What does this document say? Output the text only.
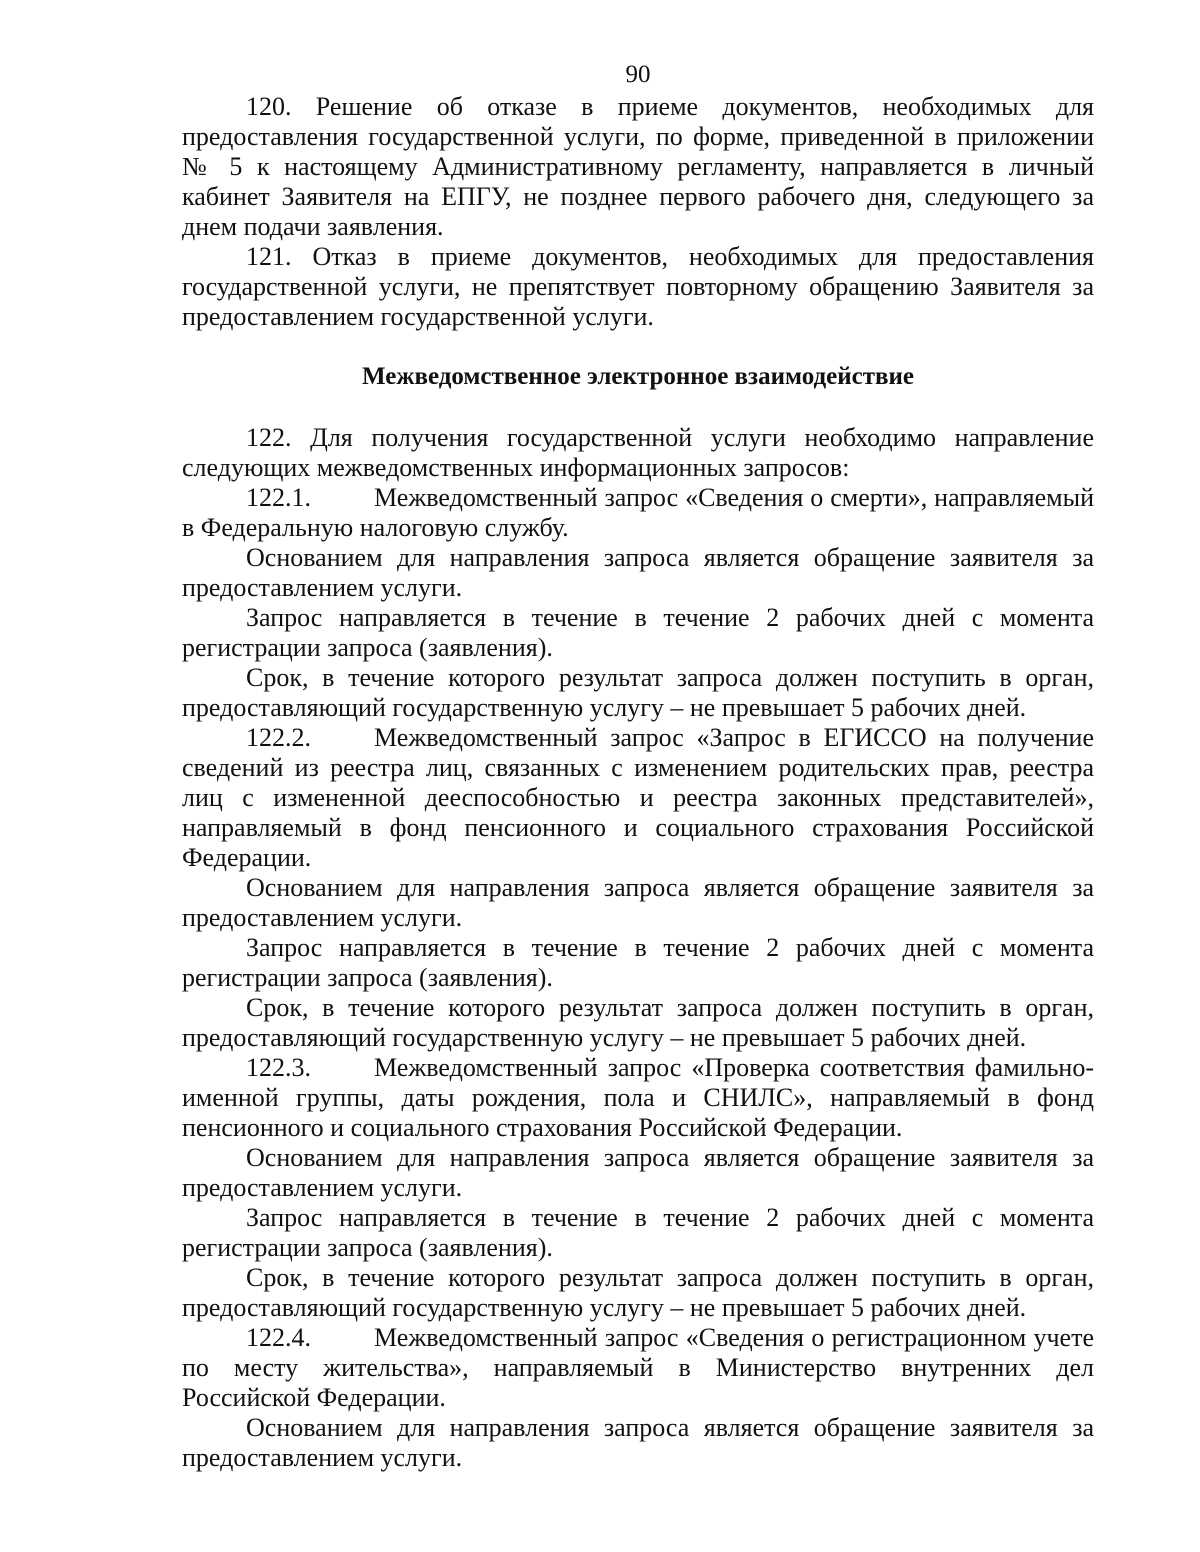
90

120. Решение об отказе в приеме документов, необходимых для предоставления государственной услуги, по форме, приведенной в приложении № 5 к настоящему Административному регламенту, направляется в личный кабинет Заявителя на ЕПГУ, не позднее первого рабочего дня, следующего за днем подачи заявления.

121. Отказ в приеме документов, необходимых для предоставления государственной услуги, не препятствует повторному обращению Заявителя за предоставлением государственной услуги.

Межведомственное электронное взаимодействие

122. Для получения государственной услуги необходимо направление следующих межведомственных информационных запросов:

122.1. Межведомственный запрос «Сведения о смерти», направляемый в Федеральную налоговую службу.

Основанием для направления запроса является обращение заявителя за предоставлением услуги.

Запрос направляется в течение в течение 2 рабочих дней с момента регистрации запроса (заявления).

Срок, в течение которого результат запроса должен поступить в орган, предоставляющий государственную услугу – не превышает 5 рабочих дней.

122.2. Межведомственный запрос «Запрос в ЕГИССО на получение сведений из реестра лиц, связанных с изменением родительских прав, реестра лиц с измененной дееспособностью и реестра законных представителей», направляемый в фонд пенсионного и социального страхования Российской Федерации.

Основанием для направления запроса является обращение заявителя за предоставлением услуги.

Запрос направляется в течение в течение 2 рабочих дней с момента регистрации запроса (заявления).

Срок, в течение которого результат запроса должен поступить в орган, предоставляющий государственную услугу – не превышает 5 рабочих дней.

122.3. Межведомственный запрос «Проверка соответствия фамильно-именной группы, даты рождения, пола и СНИЛС», направляемый в фонд пенсионного и социального страхования Российской Федерации.

Основанием для направления запроса является обращение заявителя за предоставлением услуги.

Запрос направляется в течение в течение 2 рабочих дней с момента регистрации запроса (заявления).

Срок, в течение которого результат запроса должен поступить в орган, предоставляющий государственную услугу – не превышает 5 рабочих дней.

122.4. Межведомственный запрос «Сведения о регистрационном учете по месту жительства», направляемый в Министерство внутренних дел Российской Федерации.

Основанием для направления запроса является обращение заявителя за предоставлением услуги.
